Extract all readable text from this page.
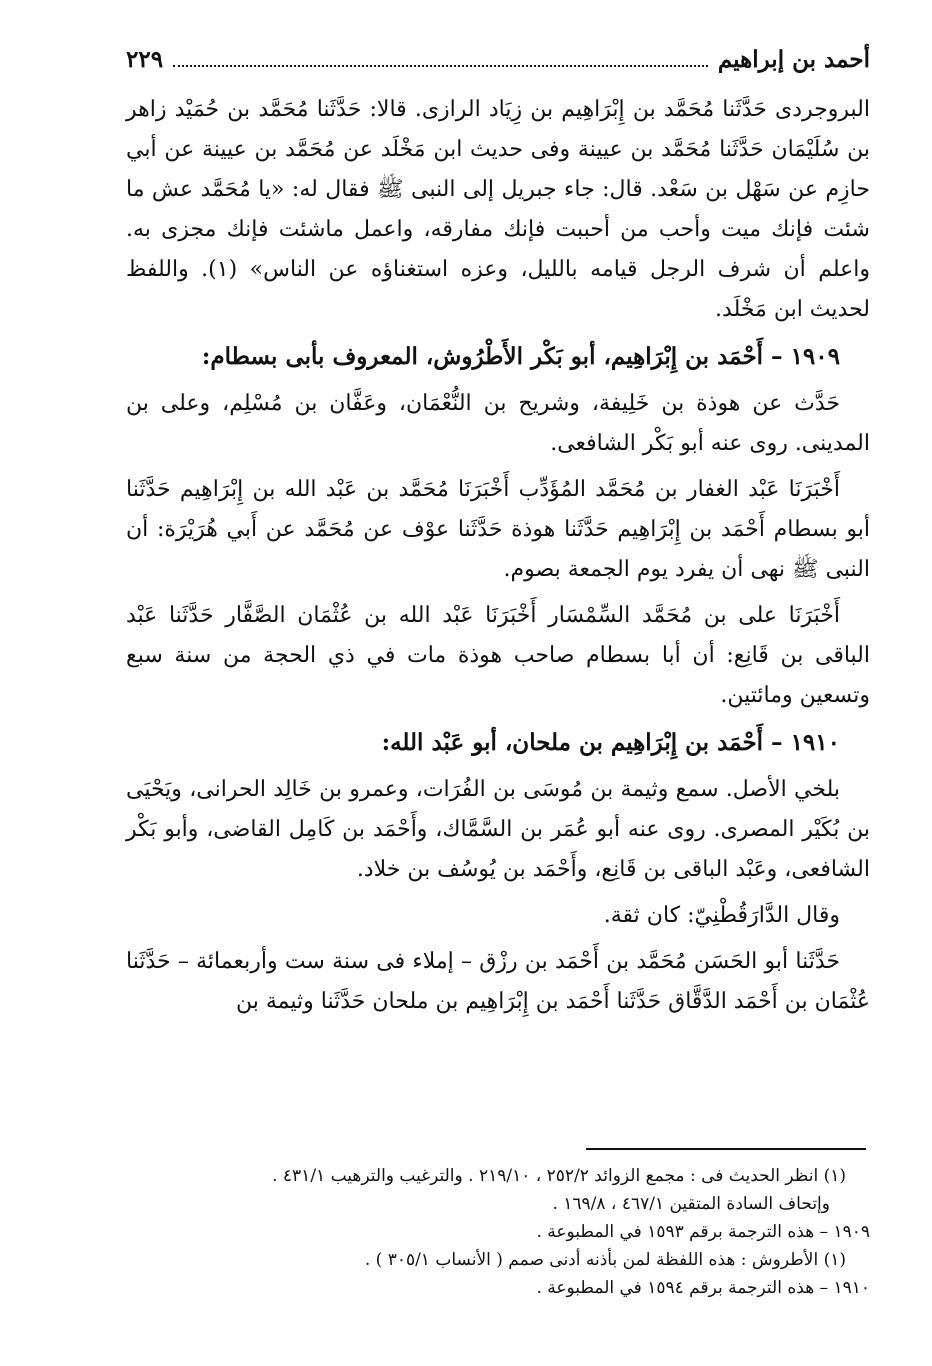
أحمد بن إبراهيم
٢٢٩

البروجردى حَدَّثَنا مُحَمَّد بن إِبْرَاهِيم بن زِيَاد الرازى. قالا: حَدَّثَنا مُحَمَّد بن حُمَيْد زاهر بن سُلَيْمَان حَدَّثَنا مُحَمَّد بن عيينة وفى حديث ابن مَخْلَد عن مُحَمَّد بن عيينة عن أبي حازِم عن سَهْل بن سَعْد. قال: جاء جبريل إلى النبى ﷺ فقال له: «يا مُحَمَّد عش ما شئت فإنك ميت وأحب من أحببت فإنك مفارقه، واعمل ماشئت فإنك مجزى به. واعلم أن شرف الرجل قيامه بالليل، وعزه استغناؤه عن الناس» (١). واللفظ لحديث ابن مَخْلَد.

١٩٠٩ – أَحْمَد بن إِبْرَاهِيم، أبو بَكْر الأَطْرُوش، المعروف بأبى بسطام:

حَدَّث عن هوذة بن خَلِيفة، وشريح بن النُّعْمَان، وعَفَّان بن مُسْلِم، وعلى بن المدينى. روى عنه أبو بَكْر الشافعى.

أَخْبَرَنَا عَبْد الغفار بن مُحَمَّد المُؤَدِّب أَخْبَرَنَا مُحَمَّد بن عَبْد الله بن إِبْرَاهِيم حَدَّثَنا أبو بسطام أَحْمَد بن إِبْرَاهِيم حَدَّثَنا هوذة حَدَّثَنا عوْف عن مُحَمَّد عن أَبي هُرَيْرَة: أن النبى ﷺ نهى أن يفرد يوم الجمعة بصوم.

أَخْبَرَنَا على بن مُحَمَّد السِّمْسَار أَخْبَرَنَا عَبْد الله بن عُثْمَان الصَّفَّار حَدَّثَنا عَبْد الباقى بن قَانِع: أن أبا بسطام صاحب هوذة مات في ذي الحجة من سنة سبع وتسعين ومائتين.

١٩١٠ – أَحْمَد بن إِبْرَاهِيم بن ملحان، أبو عَبْد الله:

بلخي الأصل. سمع وثيمة بن مُوسَى بن الفُرَات، وعمرو بن خَالِد الحرانى، ويَحْيَى بن بُكَيْر المصرى. روى عنه أبو عُمَر بن السَّمَّاك، وأَحْمَد بن كَامِل القاضى، وأبو بَكْر الشافعى، وعَبْد الباقى بن قَانِع، وأَحْمَد بن يُوسُف بن خلاد.

وقال الدَّارَقُطْنِيّ: كان ثقة.

حَدَّثَنا أبو الحَسَن مُحَمَّد بن أَحْمَد بن رزْق – إملاء فى سنة ست وأربعمائة – حَدَّثَنا عُثْمَان بن أَحْمَد الدَّقَّاق حَدَّثَنا أَحْمَد بن إِبْرَاهِيم بن ملحان حَدَّثَنا وثيمة بن

(١) انظر الحديث فى : مجمع الزوائد ٢٥٢/٢ ، ٢١٩/١٠ . والترغيب والترهيب ٤٣١/١ .

وإتحاف السادة المتقين ٤٦٧/١ ، ١٦٩/٨ .

١٩٠٩ – هذه الترجمة برقم ١٥٩٣ في المطبوعة .

(١) الأطروش : هذه اللفظة لمن بأذنه أدنى صمم ( الأنساب ٣٠٥/١ ) .

١٩١٠ – هذه الترجمة برقم ١٥٩٤ في المطبوعة .
